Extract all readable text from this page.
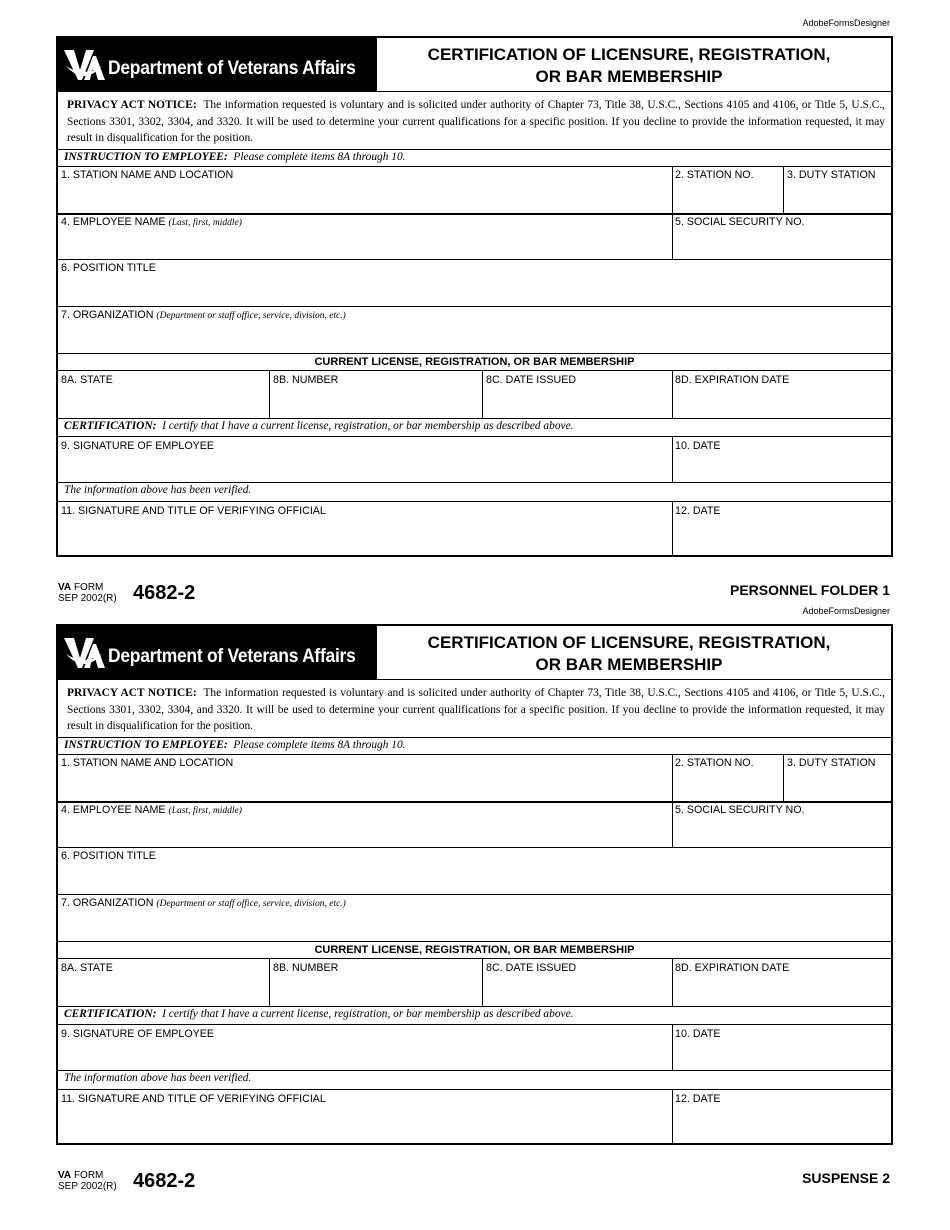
AdobeFormsDesigner
Department of Veterans Affairs
CERTIFICATION OF LICENSURE, REGISTRATION,
OR BAR MEMBERSHIP
PRIVACY ACT NOTICE: The information requested is voluntary and is solicited under authority of Chapter 73, Title 38, U.S.C., Sections 4105 and 4106, or Title 5, U.S.C., Sections 3301, 3302, 3304, and 3320. It will be used to determine your current qualifications for a specific position. If you decline to provide the information requested, it may result in disqualification for the position.
INSTRUCTION TO EMPLOYEE: Please complete items 8A through 10.
1. STATION NAME AND LOCATION	2. STATION NO.	3. DUTY STATION
4. EMPLOYEE NAME (Last, first, middle)	5. SOCIAL SECURITY NO.
6. POSITION TITLE
7. ORGANIZATION (Department or staff office, service, division, etc.)
CURRENT LICENSE, REGISTRATION, OR BAR MEMBERSHIP
8A. STATE	8B. NUMBER	8C. DATE ISSUED	8D. EXPIRATION DATE
CERTIFICATION: I certify that I have a current license, registration, or bar membership as described above.
9. SIGNATURE OF EMPLOYEE	10. DATE
The information above has been verified.
11. SIGNATURE AND TITLE OF VERIFYING OFFICIAL	12. DATE
VA FORM
SEP 2002(R) 4682-2	PERSONNEL FOLDER 1
AdobeFormsDesigner
Department of Veterans Affairs
CERTIFICATION OF LICENSURE, REGISTRATION,
OR BAR MEMBERSHIP
PRIVACY ACT NOTICE: The information requested is voluntary and is solicited under authority of Chapter 73, Title 38, U.S.C., Sections 4105 and 4106, or Title 5, U.S.C., Sections 3301, 3302, 3304, and 3320. It will be used to determine your current qualifications for a specific position. If you decline to provide the information requested, it may result in disqualification for the position.
INSTRUCTION TO EMPLOYEE: Please complete items 8A through 10.
1. STATION NAME AND LOCATION	2. STATION NO.	3. DUTY STATION
4. EMPLOYEE NAME (Last, first, middle)	5. SOCIAL SECURITY NO.
6. POSITION TITLE
7. ORGANIZATION (Department or staff office, service, division, etc.)
CURRENT LICENSE, REGISTRATION, OR BAR MEMBERSHIP
8A. STATE	8B. NUMBER	8C. DATE ISSUED	8D. EXPIRATION DATE
CERTIFICATION: I certify that I have a current license, registration, or bar membership as described above.
9. SIGNATURE OF EMPLOYEE	10. DATE
The information above has been verified.
11. SIGNATURE AND TITLE OF VERIFYING OFFICIAL	12. DATE
VA FORM
SEP 2002(R) 4682-2	SUSPENSE 2
